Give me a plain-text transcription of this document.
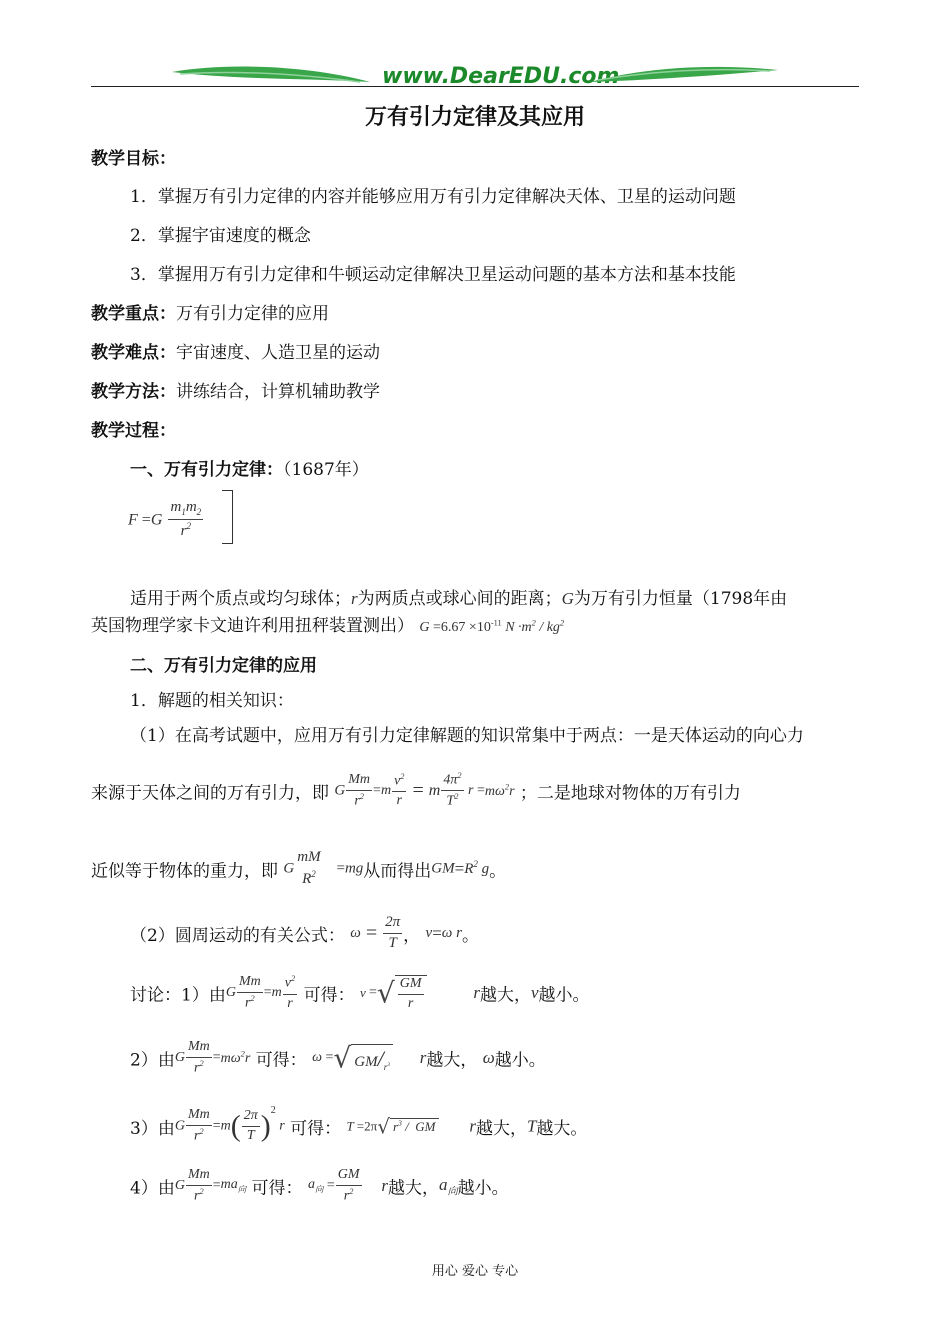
www.DearEDU.com
万有引力定律及其应用
教学目标：
1．掌握万有引力定律的内容并能够应用万有引力定律解决天体、卫星的运动问题
2．掌握宇宙速度的概念
3．掌握用万有引力定律和牛顿运动定律解决卫星运动问题的基本方法和基本技能
教学重点：万有引力定律的应用
教学难点：宇宙速度、人造卫星的运动
教学方法：讲练结合，计算机辅助教学
教学过程：
一、万有引力定律：（1687年）
$F =G \frac{m_1m_2}{r^2}$
适用于两个质点或均匀球体；r为两质点或球心间的距离；G为万有引力恒量（1798年由
英国物理学家卡文迪许利用扭秤装置测出） $G =6.67 \times 10^{-11}$ $N \cdot m^2 / kg^2$
二、万有引力定律的应用
1．解题的相关知识：
（1）在高考试题中，应用万有引力定律解题的知识常集中于两点：一是天体运动的向心力
来源于天体之间的万有引力，即 G $\frac{Mm}{r^2} =m \frac{v^2}{r} = m \frac{4\pi^2}{T^2}$ $r =m\omega^2r$ ；二是地球对物体的万有引力
近似等于物体的重力，即 G
mM
$R^2 =mg$从而得出$GM=R^2$ g。
（2）圆周运动的有关公式： $\omega = \frac{2\pi}{T}$ ， v=ω r。
讨论：1）由G $\frac{Mm}{r^2} =m \frac{v^2}{r}$ 可得： v =√ $\frac{GM}{r}$	r越大，v越小。
2）由G $\frac{Mm}{r^2} =m\omega^2r$ 可得： ω =√ $GM/_{r^3}$ r越大， ω越小。
3）由G $\frac{Mm}{r^2} =m( \frac{2\pi}{T} )^2$ r 可得： T =2π√ $r^3$ /  GM r越大，T越大。
4）由G $\frac{Mm}{r^2} =ma_向$ 可得： $a_向 = \frac{GM}{r^2}$ r越大，$a_向$越小。
用心 爱心 专心
